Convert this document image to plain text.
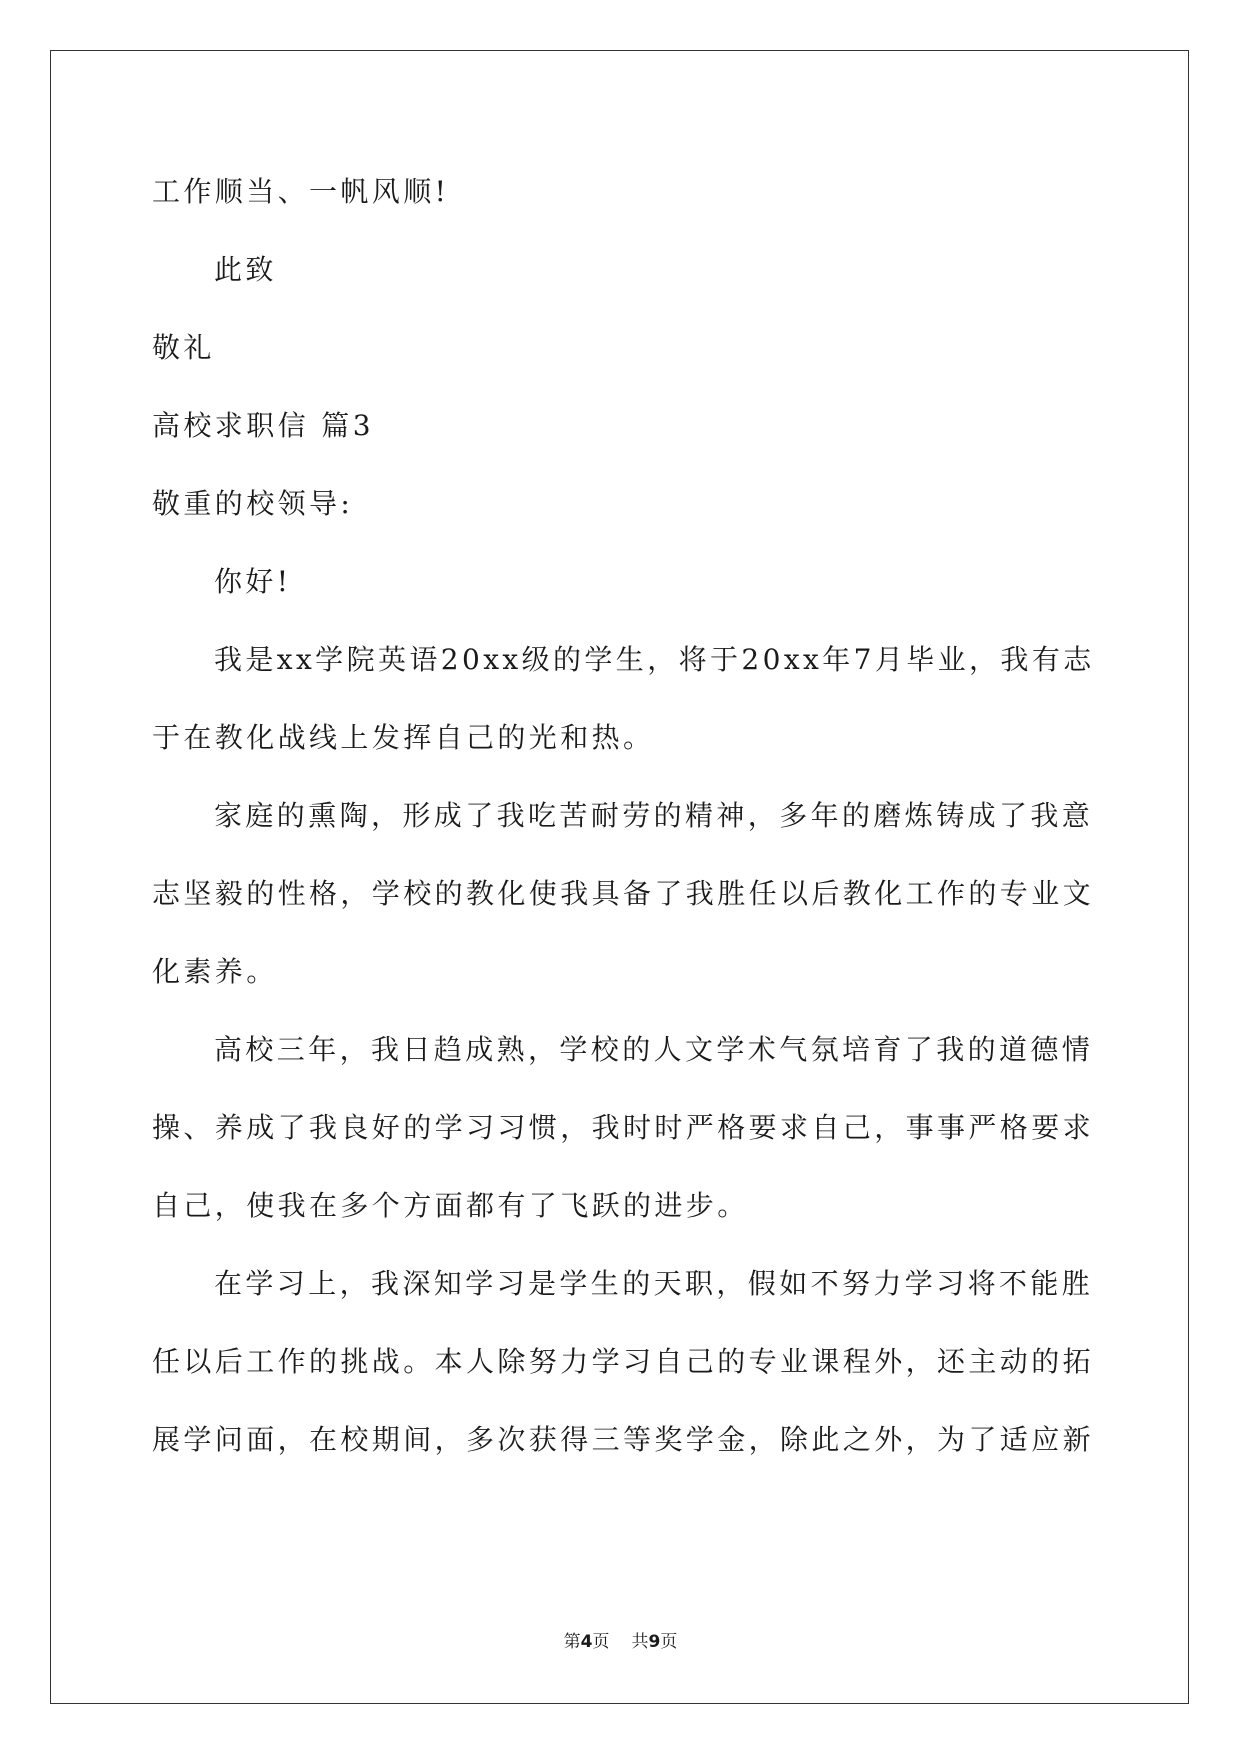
工作顺当、一帆风顺!

此致

敬礼

高校求职信 篇3

敬重的校领导:

你好!

我是xx学院英语20xx级的学生，将于20xx年7月毕业，我有志

于在教化战线上发挥自己的光和热。

家庭的熏陶，形成了我吃苦耐劳的精神，多年的磨炼铸成了我意

志坚毅的性格，学校的教化使我具备了我胜任以后教化工作的专业文

化素养。

高校三年，我日趋成熟，学校的人文学术气氛培育了我的道德情

操、养成了我良好的学习习惯，我时时严格要求自己，事事严格要求

自己，使我在多个方面都有了飞跃的进步。

在学习上，我深知学习是学生的天职，假如不努力学习将不能胜

任以后工作的挑战。本人除努力学习自己的专业课程外，还主动的拓

展学问面，在校期间，多次获得三等奖学金，除此之外，为了适应新

第4页 共9页
